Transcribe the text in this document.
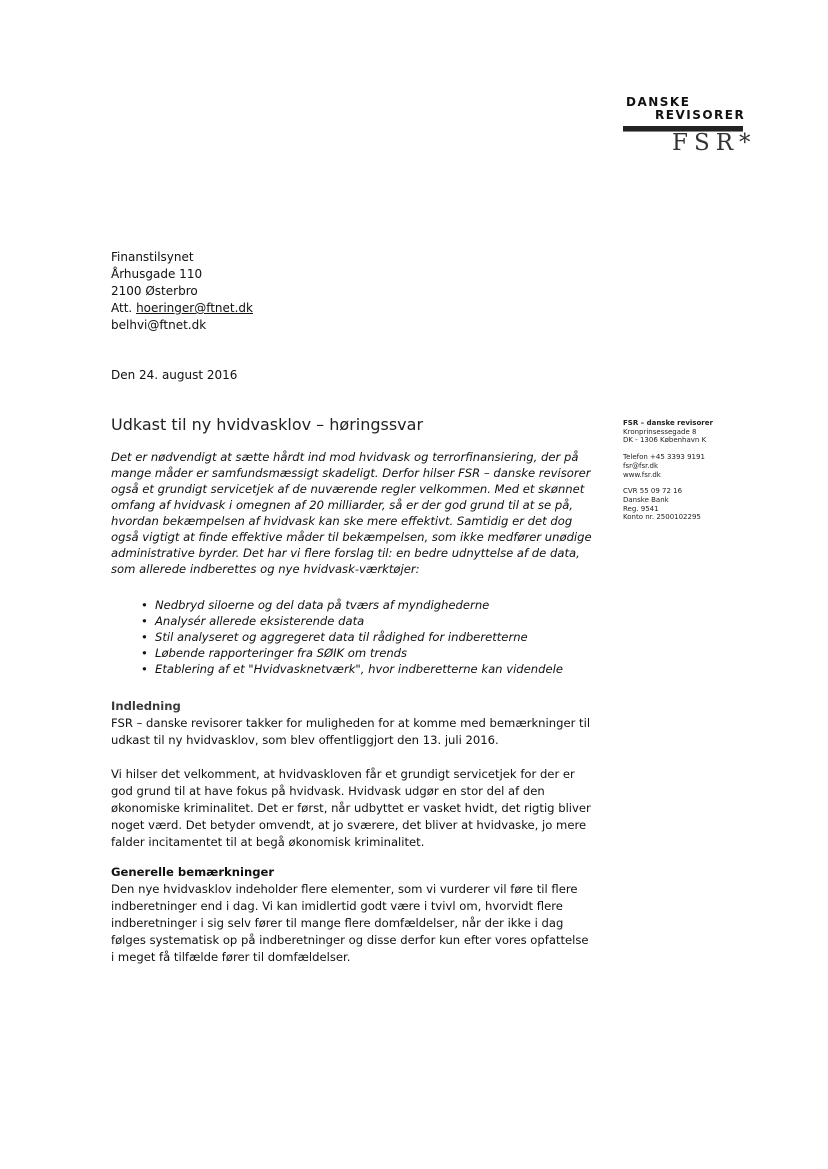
DANSKE
REVISORER
FSR*
Finanstilsynet
Århusgade 110
2100 Østerbro
Att. hoeringer@ftnet.dk
belhvi@ftnet.dk
Den 24. august 2016
Udkast til ny hvidvasklov – høringssvar	FSR – danske revisorer
Kronprinsessegade 8
DK - 1306 København K
Telefon +45 3393 9191
fsr@fsr.dk
www.fsr.dk
CVR 55 09 72 16
Danske Bank
Reg. 9541
Konto nr. 2500102295

Det er nødvendigt at sætte hårdt ind mod hvidvask og terrorfinansiering, der på mange måder er samfundsmæssigt skadeligt. Derfor hilser FSR – danske revisorer også et grundigt servicetjek af de nuværende regler velkommen. Med et skønnet omfang af hvidvask i omegnen af 20 milliarder, så er der god grund til at se på, hvordan bekæmpelsen af hvidvask kan ske mere effektivt. Samtidig er det dog også vigtigt at finde effektive måder til bekæmpelsen, som ikke medfører unødige administrative byrder. Det har vi flere forslag til: en bedre udnyttelse af de data, som allerede indberettes og nye hvidvask-værktøjer:

• Nedbryd siloerne og del data på tværs af myndighederne
• Analysér allerede eksisterende data
• Stil analyseret og aggregeret data til rådighed for indberetterne
• Løbende rapporteringer fra SØIK om trends
• Etablering af et "Hvidvasknetværk", hvor indberetterne kan videndele
Indledning

FSR – danske revisorer takker for muligheden for at komme med bemærkninger til udkast til ny hvidvasklov, som blev offentliggjort den 13. juli 2016.

Vi hilser det velkomment, at hvidvaskloven får et grundigt servicetjek for der er god grund til at have fokus på hvidvask. Hvidvask udgør en stor del af den økonomiske kriminalitet. Det er først, når udbyttet er vasket hvidt, det rigtig bliver noget værd. Det betyder omvendt, at jo sværere, det bliver at hvidvaske, jo mere falder incitamentet til at begå økonomisk kriminalitet.

Generelle bemærkninger

Den nye hvidvasklov indeholder flere elementer, som vi vurderer vil føre til flere indberetninger end i dag. Vi kan imidlertid godt være i tvivl om, hvorvidt flere indberetninger i sig selv fører til mange flere domfældelser, når der ikke i dag følges systematisk op på indberetninger og disse derfor kun efter vores opfattelse i meget få tilfælde fører til domfældelser.
